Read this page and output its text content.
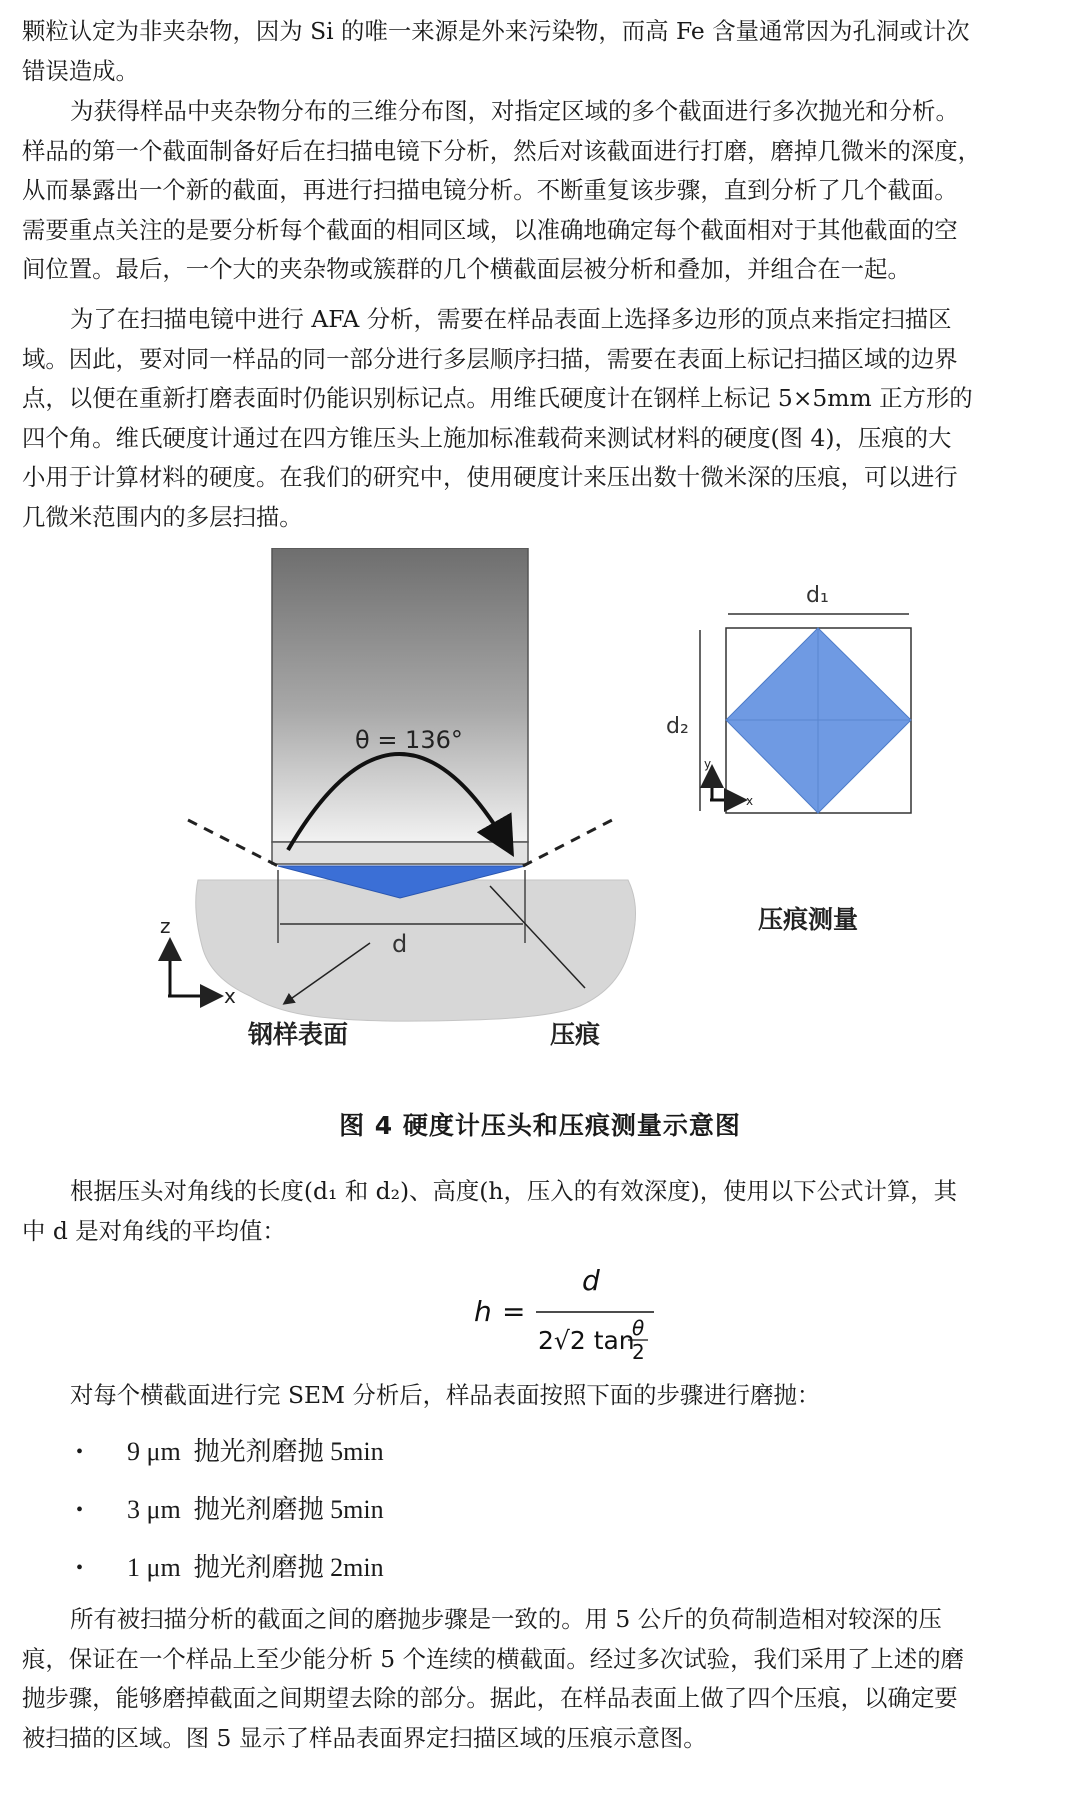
颗粒认定为非夹杂物，因为 Si 的唯一来源是外来污染物，而高 Fe 含量通常因为孔洞或计次
错误造成。
为获得样品中夹杂物分布的三维分布图，对指定区域的多个截面进行多次抛光和分析。
样品的第一个截面制备好后在扫描电镜下分析，然后对该截面进行打磨，磨掉几微米的深度，
从而暴露出一个新的截面，再进行扫描电镜分析。不断重复该步骤，直到分析了几个截面。
需要重点关注的是要分析每个截面的相同区域，以准确地确定每个截面相对于其他截面的空
间位置。最后，一个大的夹杂物或簇群的几个横截面层被分析和叠加，并组合在一起。
为了在扫描电镜中进行 AFA 分析，需要在样品表面上选择多边形的顶点来指定扫描区
域。因此，要对同一样品的同一部分进行多层顺序扫描，需要在表面上标记扫描区域的边界
点，以便在重新打磨表面时仍能识别标记点。用维氏硬度计在钢样上标记 5×5mm 正方形的
四个角。维氏硬度计通过在四方锥压头上施加标准载荷来测试材料的硬度(图 4)，压痕的大
小用于计算材料的硬度。在我们的研究中，使用硬度计来压出数十微米深的压痕，可以进行
几微米范围内的多层扫描。
θ = 136°
d
z
x
钢样表面	压痕
d₁
d₂
y
x
压痕测量
图 4 硬度计压头和压痕测量示意图
根据压头对角线的长度(d₁ 和 d₂)、高度(h，压入的有效深度)，使用以下公式计算，其
中 d 是对角线的平均值：
h =
d
2√2 tan
θ
2
对每个横截面进行完 SEM 分析后，样品表面按照下面的步骤进行磨抛：
• 9 μm 抛光剂磨抛 5min
• 3 μm 抛光剂磨抛 5min
• 1 μm 抛光剂磨抛 2min
所有被扫描分析的截面之间的磨抛步骤是一致的。用 5 公斤的负荷制造相对较深的压
痕，保证在一个样品上至少能分析 5 个连续的横截面。经过多次试验，我们采用了上述的磨
抛步骤，能够磨掉截面之间期望去除的部分。据此，在样品表面上做了四个压痕，以确定要
被扫描的区域。图 5 显示了样品表面界定扫描区域的压痕示意图。
